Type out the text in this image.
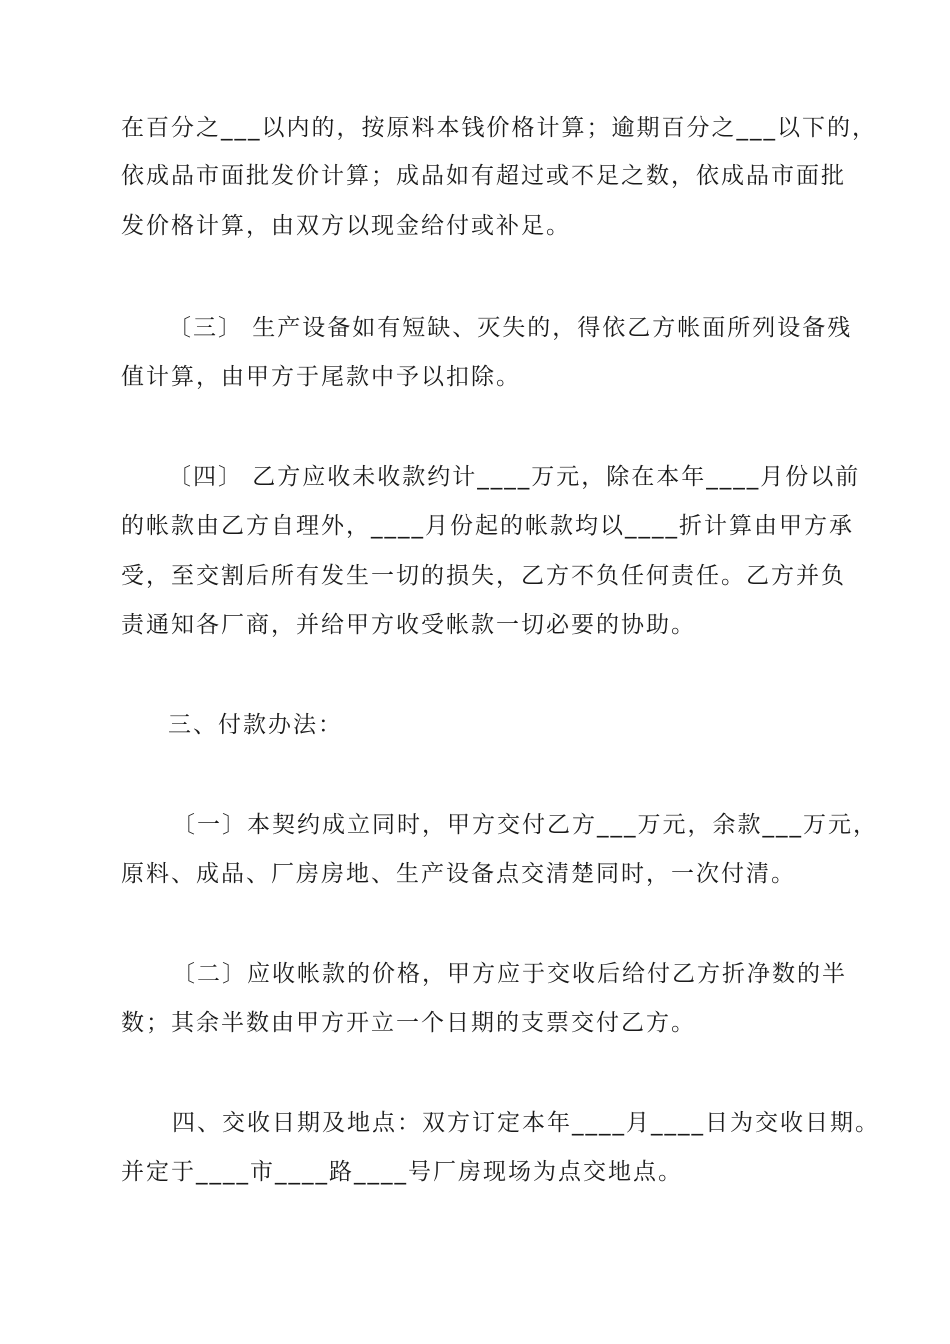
在百分之___以内的，按原料本钱价格计算；逾期百分之___以下的，
依成品市面批发价计算；成品如有超过或不足之数，依成品市面批
发价格计算，由双方以现金给付或补足。
〔三〕 生产设备如有短缺、灭失的，得依乙方帐面所列设备残
值计算，由甲方于尾款中予以扣除。
〔四〕 乙方应收未收款约计____万元，除在本年____月份以前
的帐款由乙方自理外，____月份起的帐款均以____折计算由甲方承
受，至交割后所有发生一切的损失，乙方不负任何责任。乙方并负
责通知各厂商，并给甲方收受帐款一切必要的协助。
三、付款办法：
〔一〕本契约成立同时，甲方交付乙方___万元，余款___万元，
原料、成品、厂房房地、生产设备点交清楚同时，一次付清。
〔二〕应收帐款的价格，甲方应于交收后给付乙方折净数的半
数；其余半数由甲方开立一个日期的支票交付乙方。
四、交收日期及地点：双方订定本年____月____日为交收日期。
并定于____市____路____号厂房现场为点交地点。
